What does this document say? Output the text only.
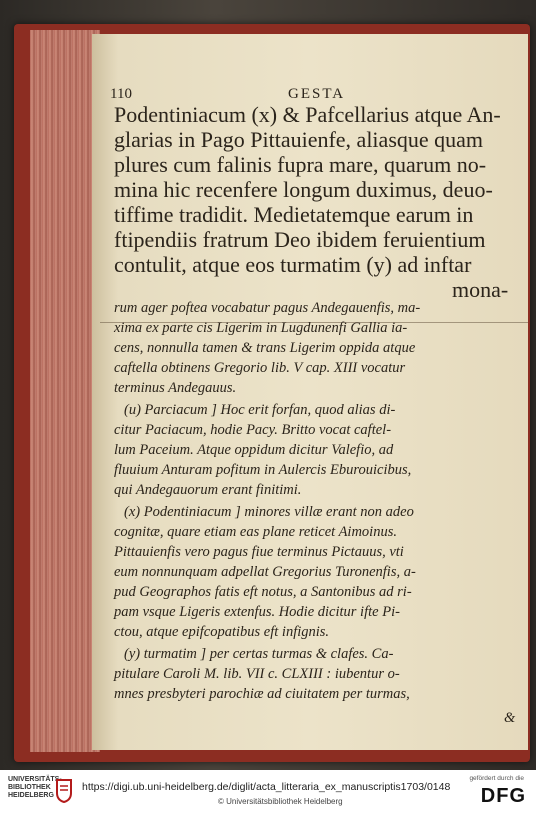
110	GESTA
Podentiniacum (x) & Pafcellarius atque An-
glarias in Pago Pittauienfe, aliasque quam
plures cum falinis fupra mare, quarum no-
mina hic recenfere longum duximus, deuo-
tiffime tradidit. Medietatemque earum in
ftipendiis fratrum Deo ibidem feruientium
contulit, atque eos turmatim (y) ad inftar
mona-
rum ager poftea vocabatur pagus Andegauenfis, ma-
xima ex parte cis Ligerim in Lugdunenfi Gallia ia-
cens, nonnulla tamen & trans Ligerim oppida atque
caftella obtinens Gregorio lib. V cap. XIII vocatur
terminus Andegauus.
(u) Parciacum ] Hoc erit forfan, quod alias di-
citur Paciacum, hodie Pacy. Britto vocat caftel-
lum Paceium. Atque oppidum dicitur Valefio, ad
fluuium Anturam pofitum in Aulercis Eburouicibus,
qui Andegauorum erant finitimi.
(x) Podentiniacum ] minores villæ erant non adeo
cognitæ, quare etiam eas plane reticet Aimoinus.
Pittauienfis vero pagus fiue terminus Pictauus, vti
eum nonnunquam adpellat Gregorius Turonenfis, a-
pud Geographos fatis eft notus, a Santonibus ad ri-
pam vsque Ligeris extenfus. Hodie dicitur ifte Pi-
ctou, atque epifcopatibus eft infignis.
(y) turmatim ] per certas turmas & clafes. Ca-
pitulare Caroli M. lib. VII c. CLXIII : iubentur o-
mnes presbyteri parochiæ ad ciuitatem per turmas,
&
UNIVERSITÄTS-
BIBLIOTHEK
HEIDELBERG
https://digi.ub.uni-heidelberg.de/diglit/acta_litteraria_ex_manuscriptis1703/0148
© Universitätsbibliothek Heidelberg
gefördert durch die
DFG
